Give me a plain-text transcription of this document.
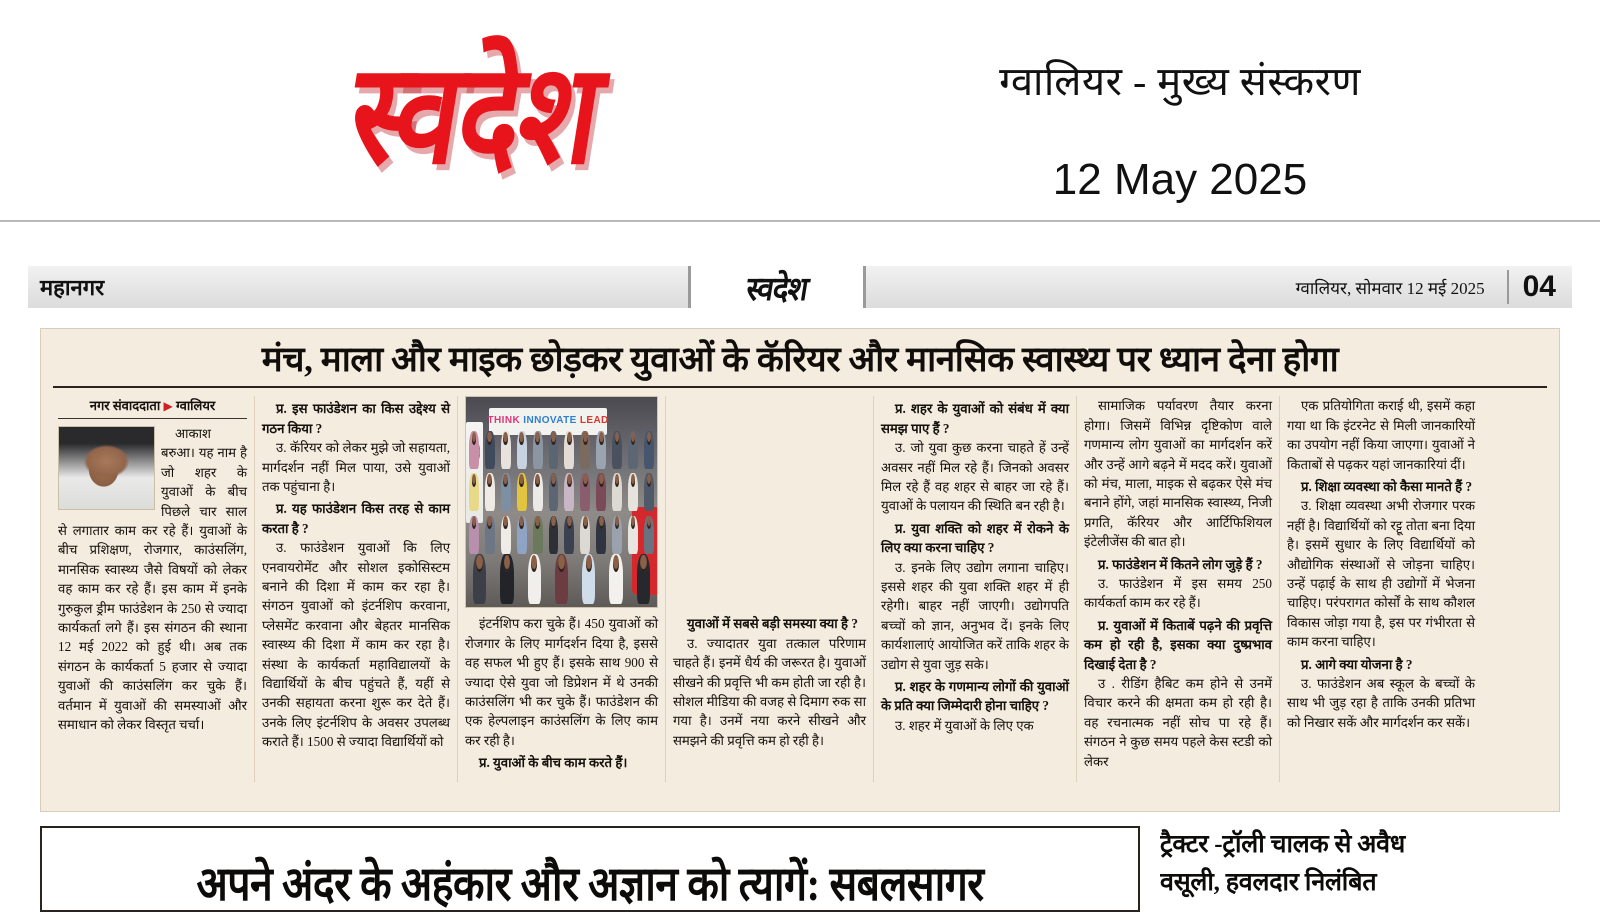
स्वदेश	ग्वालियर - मुख्य संस्करण
12 May 2025
महानगर	स्वदेश	ग्वालियर, सोमवार 12 मई 2025	04
मंच, माला और माइक छोड़कर युवाओं के कॅरियर और मानसिक स्वास्थ्य पर ध्यान देना होगा
नगर संवाददाता ▶ ग्वालियर

आकाश बरुआ। यह नाम है जो शहर के युवाओं के बीच पिछले चार साल से लगातार काम कर रहे हैं। युवाओं के बीच प्रशिक्षण, रोजगार, काउंसलिंग, मानसिक स्वास्थ्य जैसे विषयों को लेकर वह काम कर रहे हैं। इस काम में इनके गुरुकुल ड्रीम फाउंडेशन के 250 से ज्यादा कार्यकर्ता लगे हैं। इस संगठन की स्थाना 12 मई 2022 को हुई थी। अब तक संगठन के कार्यकर्ता 5 हजार से ज्यादा युवाओं की काउंसलिंग कर चुके हैं। वर्तमान में युवाओं की समस्याओं और समाधान को लेकर विस्तृत चर्चा।

प्र. इस फाउंडेशन का किस उद्देश्य से गठन किया ?
उ. कॅरियर को लेकर मुझे जो सहायता, मार्गदर्शन नहीं मिल पाया, उसे युवाओं तक पहुंचाना है।
प्र. यह फाउंडेशन किस तरह से काम करता है ?
उ. फाउंडेशन युवाओं कि लिए एनवायरोमेंट और सोशल इकोसिस्टम बनाने की दिशा में काम कर रहा है। संगठन युवाओं को इंटर्नशिप करवाना, प्लेसमेंट करवाना और बेहतर मानसिक स्वास्थ्य की दिशा में काम कर रहा है। संस्था के कार्यकर्ता महाविद्यालयों के विद्यार्थियों के बीच पहुंचते हैं, यहीं से उनकी सहायता करना शुरू कर देते हैं। उनके लिए इंटर्नशिप के अवसर उपलब्ध कराते हैं। 1500 से ज्यादा विद्यार्थियों को
THINK
INNOVATE
LEAD

इंटर्नशिप करा चुके हैं। 450 युवाओं को रोजगार के लिए मार्गदर्शन दिया है, इससे वह सफल भी हुए हैं। इसके साथ 900 से ज्यादा ऐसे युवा जो डिप्रेशन में थे उनकी काउंसलिंग भी कर चुके हैं। फाउंडेशन की एक हेल्पलाइन काउंसलिंग के लिए काम कर रही है।

प्र. युवाओं के बीच काम करते हैं।
युवाओं में सबसे बड़ी समस्या क्या है ?
उ. ज्यादातर युवा तत्काल परिणाम चाहते हैं। इनमें धैर्य की जरूरत है। युवाओं सीखने की प्रवृत्ति भी कम होती जा रही है। सोशल मीडिया की वजह से दिमाग रुक सा गया है। उनमें नया करने सीखने और समझने की प्रवृत्ति कम हो रही है।
प्र. शहर के युवाओं को संबंध में क्या समझ पाए हैं ?
उ. जो युवा कुछ करना चाहते हें उन्हें अवसर नहीं मिल रहे हैं। जिनको अवसर मिल रहे हैं वह शहर से बाहर जा रहे हैं। युवाओं के पलायन की स्थिति बन रही है।
प्र. युवा शक्ति को शहर में रोकने के लिए क्या करना चाहिए ?
उ. इनके लिए उद्योग लगाना चाहिए। इससे शहर की युवा शक्ति शहर में ही रहेगी। बाहर नहीं जाएगी। उद्योगपति बच्चों को ज्ञान, अनुभव दें। इनके लिए कार्यशालाएं आयोजित करें ताकि शहर के उद्योग से युवा जुड़ सके।
प्र. शहर के गणमान्य लोगों की युवाओं के प्रति क्या जिम्मेदारी होना चाहिए ?
उ. शहर में युवाओं के लिए एक

सामाजिक पर्यावरण तैयार करना होगा। जिसमें विभिन्न दृष्टिकोण वाले गणमान्य लोग युवाओं का मार्गदर्शन करें और उन्हें आगे बढ़ने में मदद करें। युवाओं को मंच, माला, माइक से बढ़कर ऐसे मंच बनाने होंगे, जहां मानसिक स्वास्थ्य, निजी प्रगति, कॅरियर और आर्टिफिशियल इंटेलीजेंस की बात हो।

प्र. फाउंडेशन में कितने लोग जुड़े हैं ?
उ. फाउंडेशन में इस समय 250 कार्यकर्ता काम कर रहे हैं।
प्र. युवाओं में किताबें पढ़ने की प्रवृत्ति कम हो रही है, इसका क्या दुष्प्रभाव दिखाई देता है ?
उ . रीडिंग हैबिट कम होने से उनमें विचार करने की क्षमता कम हो रही है। वह रचनात्मक नहीं सोच पा रहे हैं। संगठन ने कुछ समय पहले केस स्टडी को लेकर

एक प्रतियोगिता कराई थी, इसमें कहा गया था कि इंटरनेट से मिली जानकारियों का उपयोग नहीं किया जाएगा। युवाओं ने किताबों से पढ़कर यहां जानकारियां दीं।

प्र. शिक्षा व्यवस्था को कैसा मानते हैं ?
उ. शिक्षा व्यवस्था अभी रोजगार परक नहीं है। विद्यार्थियों को रट्टू तोता बना दिया है। इसमें सुधार के लिए विद्यार्थियों को औद्योगिक संस्थाओं से जोड़ना चाहिए। उन्हें पढ़ाई के साथ ही उद्योगों में भेजना चाहिए। परंपरागत कोर्सों के साथ कौशल विकास जोड़ा गया है, इस पर गंभीरता से काम करना चाहिए।
प्र. आगे क्या योजना है ?
उ. फाउंडेशन अब स्कूल के बच्चों के साथ भी जुड़ रहा है ताकि उनकी प्रतिभा को निखार सकें और मार्गदर्शन कर सकें।
अपने अंदर के अहंकार और अज्ञान को त्यागें: सबलसागर
ट्रैक्टर -ट्रॉली चालक से अवैध
वसूली, हवलदार निलंबित
